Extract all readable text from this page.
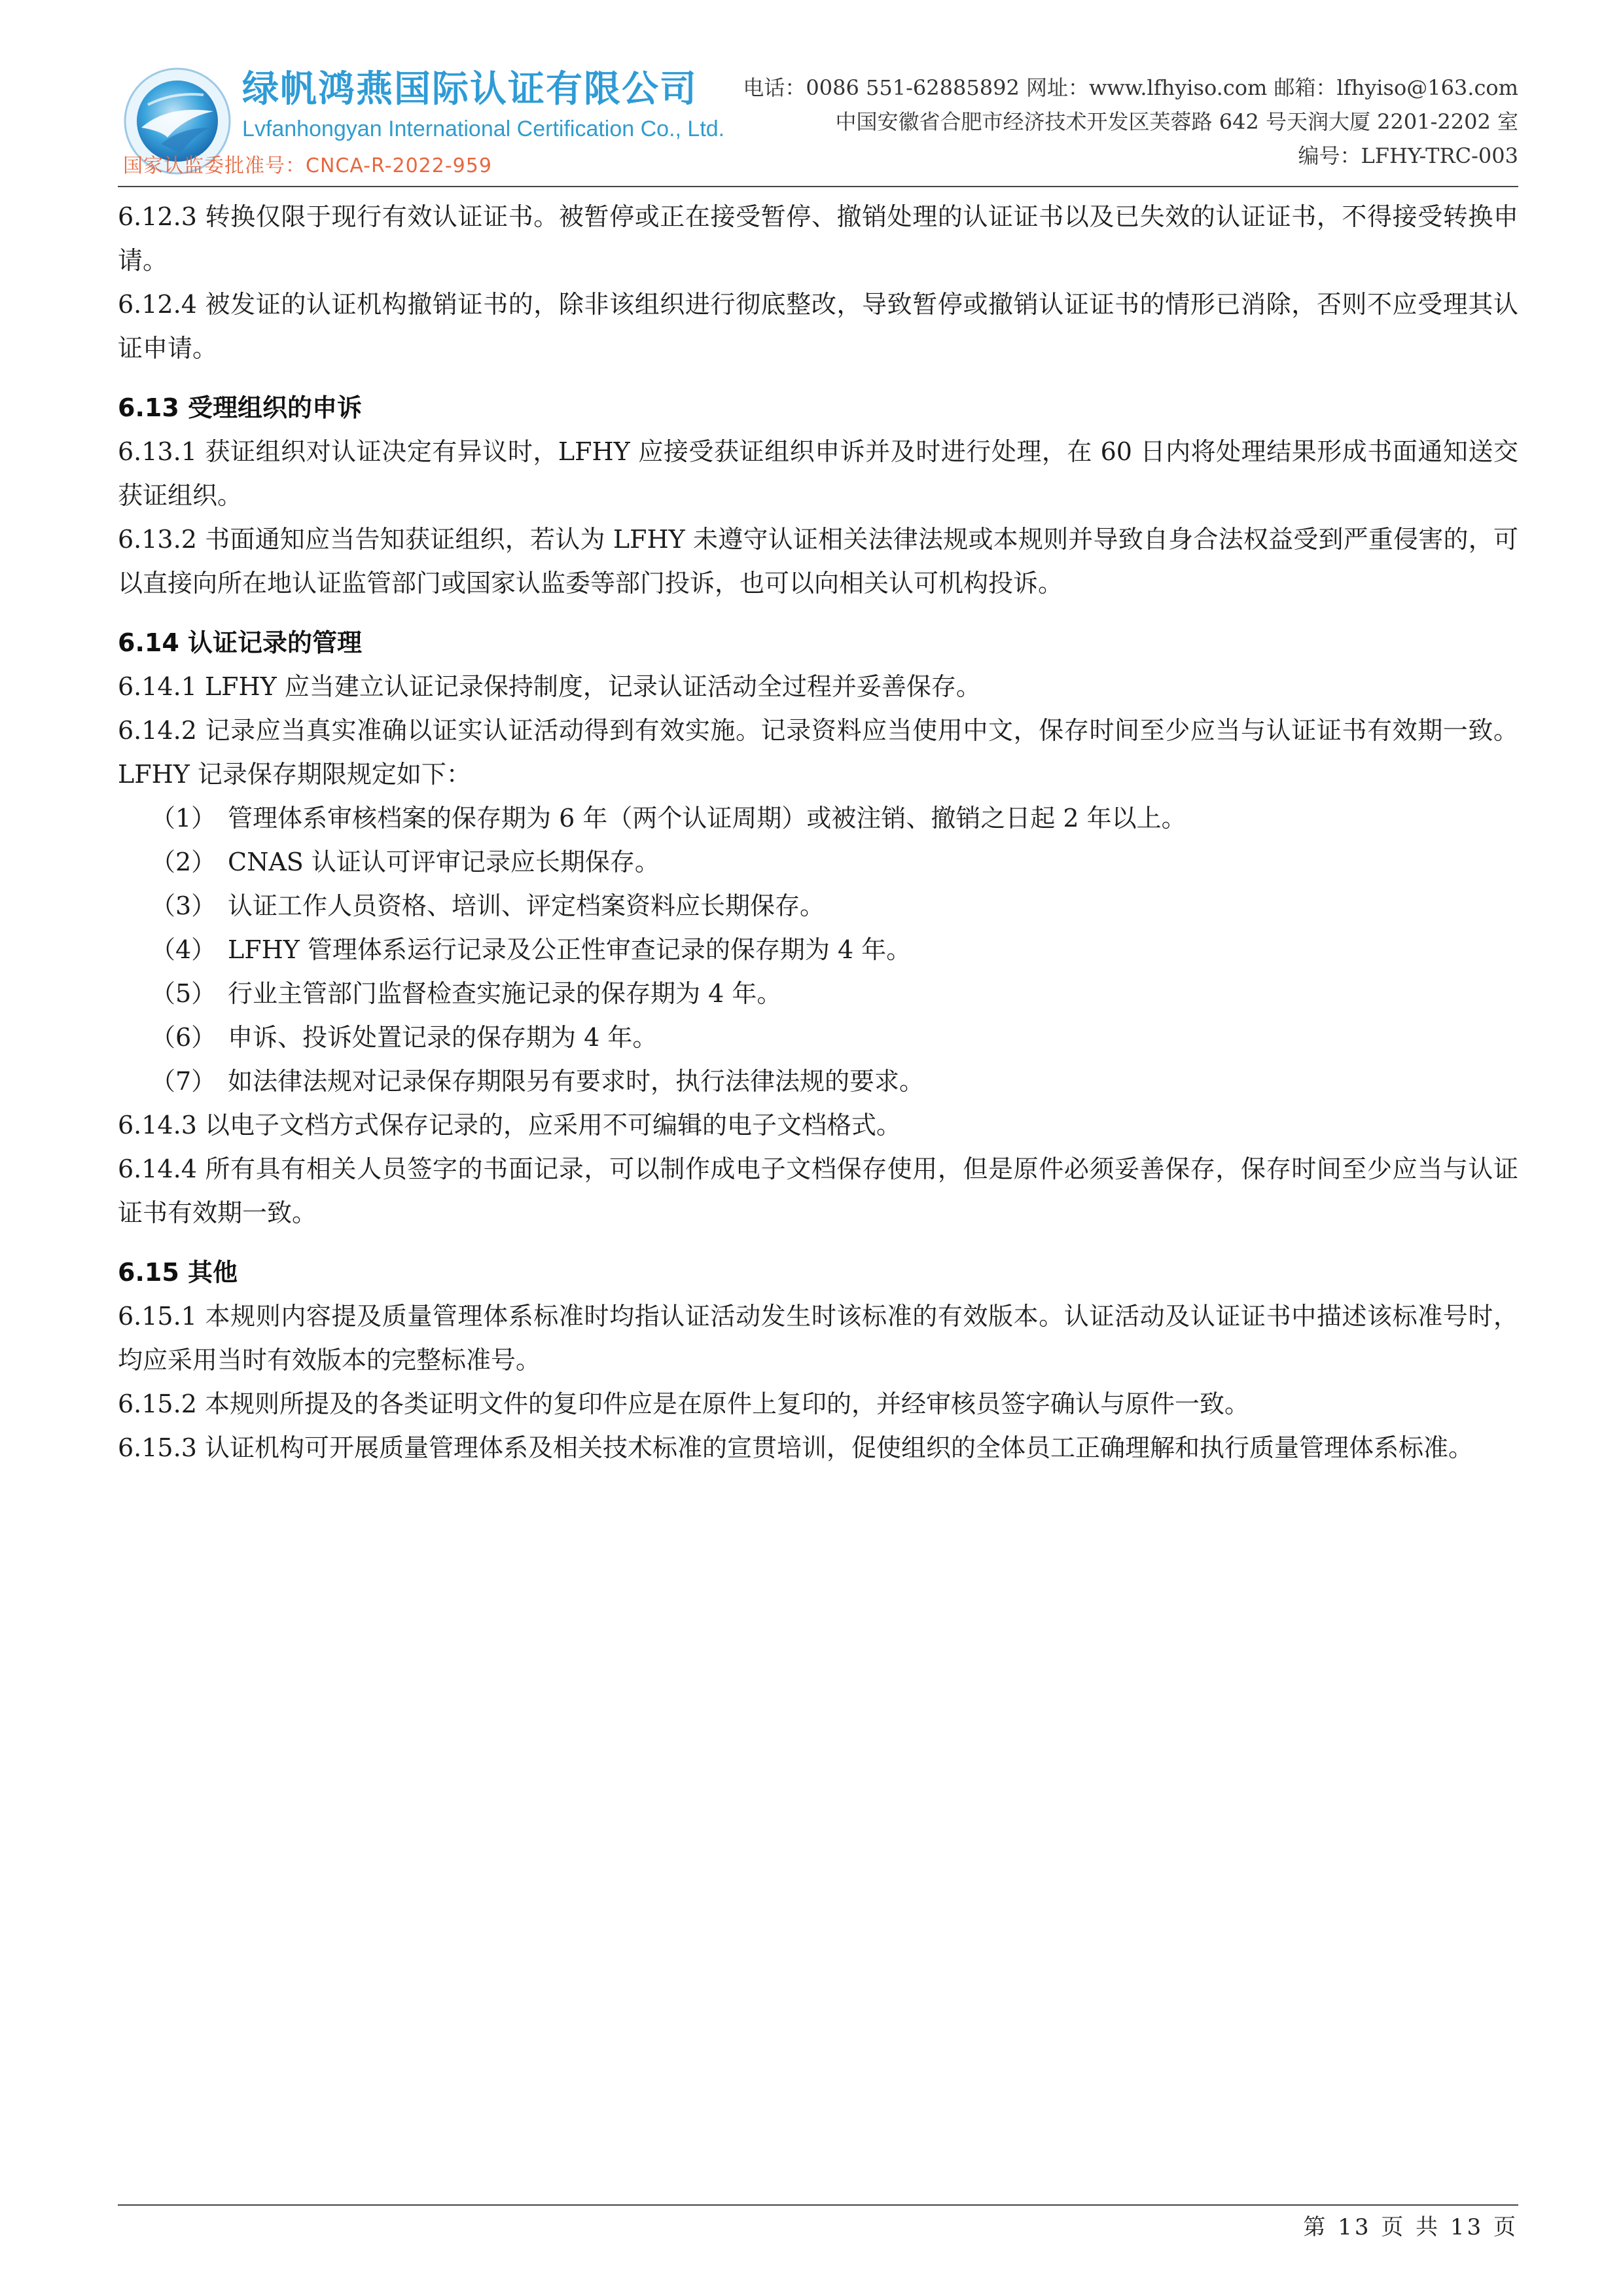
绿帆鸿燕国际认证有限公司
Lvfanhongyan International Certification Co., Ltd.
国家认监委批准号：CNCA-R-2022-959
电话：0086 551-62885892 网址：www.lfhyiso.com 邮箱：lfhyiso@163.com
中国安徽省合肥市经济技术开发区芙蓉路 642 号天润大厦 2201-2202 室
编号：LFHY-TRC-003

6.12.3 转换仅限于现行有效认证证书。被暂停或正在接受暂停、撤销处理的认证证书以及已失效的认证证书，不得接受转换申请。

6.12.4 被发证的认证机构撤销证书的，除非该组织进行彻底整改，导致暂停或撤销认证证书的情形已消除，否则不应受理其认证申请。

6.13 受理组织的申诉

6.13.1 获证组织对认证决定有异议时，LFHY 应接受获证组织申诉并及时进行处理，在 60 日内将处理结果形成书面通知送交获证组织。

6.13.2 书面通知应当告知获证组织，若认为 LFHY 未遵守认证相关法律法规或本规则并导致自身合法权益受到严重侵害的，可以直接向所在地认证监管部门或国家认监委等部门投诉，也可以向相关认可机构投诉。

6.14 认证记录的管理

6.14.1 LFHY 应当建立认证记录保持制度，记录认证活动全过程并妥善保存。

6.14.2 记录应当真实准确以证实认证活动得到有效实施。记录资料应当使用中文，保存时间至少应当与认证证书有效期一致。LFHY 记录保存期限规定如下：

（1） 管理体系审核档案的保存期为 6 年（两个认证周期）或被注销、撤销之日起 2 年以上。

（2） CNAS 认证认可评审记录应长期保存。

（3） 认证工作人员资格、培训、评定档案资料应长期保存。

（4） LFHY 管理体系运行记录及公正性审查记录的保存期为 4 年。

（5） 行业主管部门监督检查实施记录的保存期为 4 年。

（6） 申诉、投诉处置记录的保存期为 4 年。

（7） 如法律法规对记录保存期限另有要求时，执行法律法规的要求。

6.14.3 以电子文档方式保存记录的，应采用不可编辑的电子文档格式。

6.14.4 所有具有相关人员签字的书面记录，可以制作成电子文档保存使用，但是原件必须妥善保存，保存时间至少应当与认证证书有效期一致。

6.15 其他

6.15.1 本规则内容提及质量管理体系标准时均指认证活动发生时该标准的有效版本。认证活动及认证证书中描述该标准号时，均应采用当时有效版本的完整标准号。

6.15.2 本规则所提及的各类证明文件的复印件应是在原件上复印的，并经审核员签字确认与原件一致。

6.15.3 认证机构可开展质量管理体系及相关技术标准的宣贯培训，促使组织的全体员工正确理解和执行质量管理体系标准。

第 13 页 共 13 页
